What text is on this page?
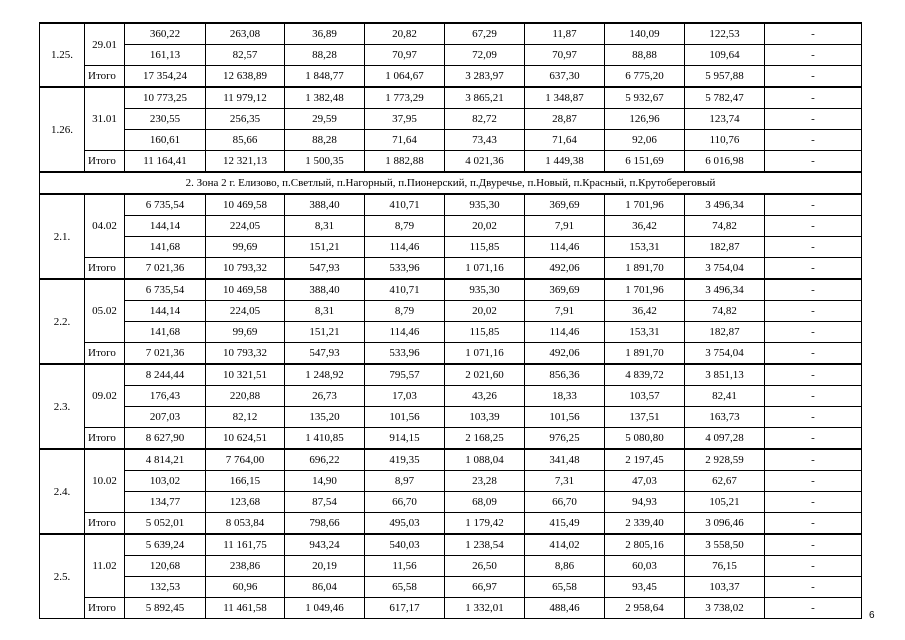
1.25.	29.01	360,22	263,08	36,89	20,82	67,29	11,87	140,09	122,53	-
		161,13	82,57	88,28	70,97	72,09	70,97	88,88	109,64	-
	Итого	17 354,24	12 638,89	1 848,77	1 064,67	3 283,97	637,30	6 775,20	5 957,88	-
1.26.	31.01	10 773,25	11 979,12	1 382,48	1 773,29	3 865,21	1 348,87	5 932,67	5 782,47	-
		230,55	256,35	29,59	37,95	82,72	28,87	126,96	123,74	-
		160,61	85,66	88,28	71,64	73,43	71,64	92,06	110,76	-
	Итого	11 164,41	12 321,13	1 500,35	1 882,88	4 021,36	1 449,38	6 151,69	6 016,98	-
2. Зона 2 г. Елизово, п.Светлый, п.Нагорный, п.Пионерский, п.Двуречье, п.Новый, п.Красный, п.Крутобереговый										
2.1.	04.02	6 735,54	10 469,58	388,40	410,71	935,30	369,69	1 701,96	3 496,34	-
		144,14	224,05	8,31	8,79	20,02	7,91	36,42	74,82	-
		141,68	99,69	151,21	114,46	115,85	114,46	153,31	182,87	-
	Итого	7 021,36	10 793,32	547,93	533,96	1 071,16	492,06	1 891,70	3 754,04	-
2.2.	05.02	6 735,54	10 469,58	388,40	410,71	935,30	369,69	1 701,96	3 496,34	-
		144,14	224,05	8,31	8,79	20,02	7,91	36,42	74,82	-
		141,68	99,69	151,21	114,46	115,85	114,46	153,31	182,87	-
	Итого	7 021,36	10 793,32	547,93	533,96	1 071,16	492,06	1 891,70	3 754,04	-
2.3.	09.02	8 244,44	10 321,51	1 248,92	795,57	2 021,60	856,36	4 839,72	3 851,13	-
		176,43	220,88	26,73	17,03	43,26	18,33	103,57	82,41	-
		207,03	82,12	135,20	101,56	103,39	101,56	137,51	163,73	-
	Итого	8 627,90	10 624,51	1 410,85	914,15	2 168,25	976,25	5 080,80	4 097,28	-
2.4.	10.02	4 814,21	7 764,00	696,22	419,35	1 088,04	341,48	2 197,45	2 928,59	-
		103,02	166,15	14,90	8,97	23,28	7,31	47,03	62,67	-
		134,77	123,68	87,54	66,70	68,09	66,70	94,93	105,21	-
	Итого	5 052,01	8 053,84	798,66	495,03	1 179,42	415,49	2 339,40	3 096,46	-
2.5.	11.02	5 639,24	11 161,75	943,24	540,03	1 238,54	414,02	2 805,16	3 558,50	-
		120,68	238,86	20,19	11,56	26,50	8,86	60,03	76,15	-
		132,53	60,96	86,04	65,58	66,97	65,58	93,45	103,37	-
	Итого	5 892,45	11 461,58	1 049,46	617,17	1 332,01	488,46	2 958,64	3 738,02	-
6
